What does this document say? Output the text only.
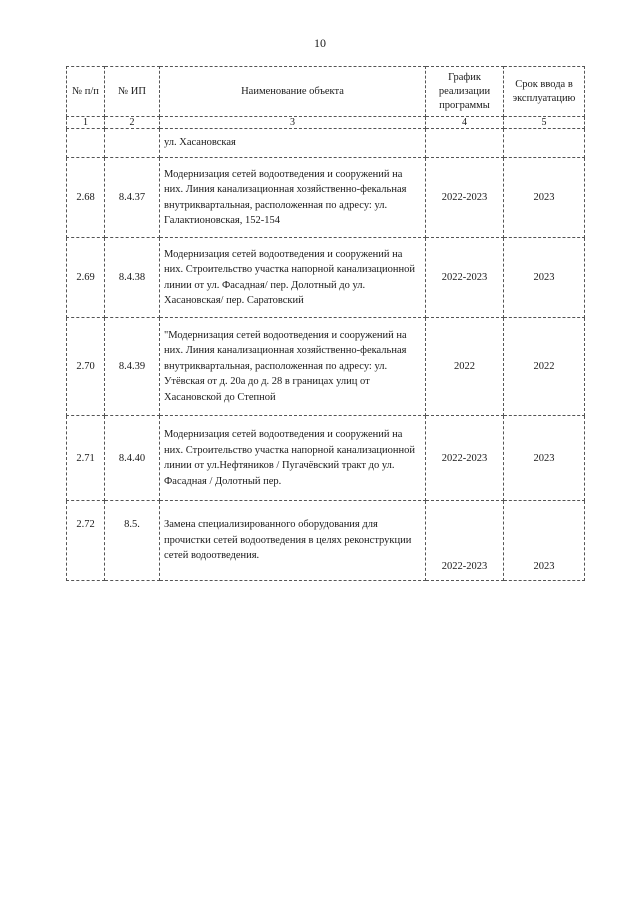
10
№ п/п	№ ИП	Наименование объекта	График реализации программы	Срок ввода в эксплуатацию
1	2	3	4	5
		ул. Хасановская		
2.68	8.4.37	Модернизация сетей водоотведения и сооружений на них. Линия канализационная хозяйственно-фекальная внутриквартальная, расположенная по адресу: ул. Галактионовская, 152-154	2022-2023	2023
2.69	8.4.38	Модернизация сетей водоотведения и сооружений на них. Строительство участка напорной канализационной линии от ул. Фасадная/ пер. Долотный до ул. Хасановская/ пер. Саратовский	2022-2023	2023
2.70	8.4.39	"Модернизация сетей водоотведения и сооружений на них. Линия канализационная хозяйственно-фекальная внутриквартальная, расположенная по адресу: ул. Утёвская от д. 20а до д. 28 в границах улиц от Хасановской до Степной	2022	2022
2.71	8.4.40	Модернизация сетей водоотведения и сооружений на них. Строительство участка напорной канализационной линии от ул.Нефтяников / Пугачёвский тракт до ул. Фасадная / Долотный пер.	2022-2023	2023
2.72	8.5.	Замена специализированного оборудования для прочистки сетей водоотведения в целях реконструкции сетей водоотведения.	2022-2023	2023
